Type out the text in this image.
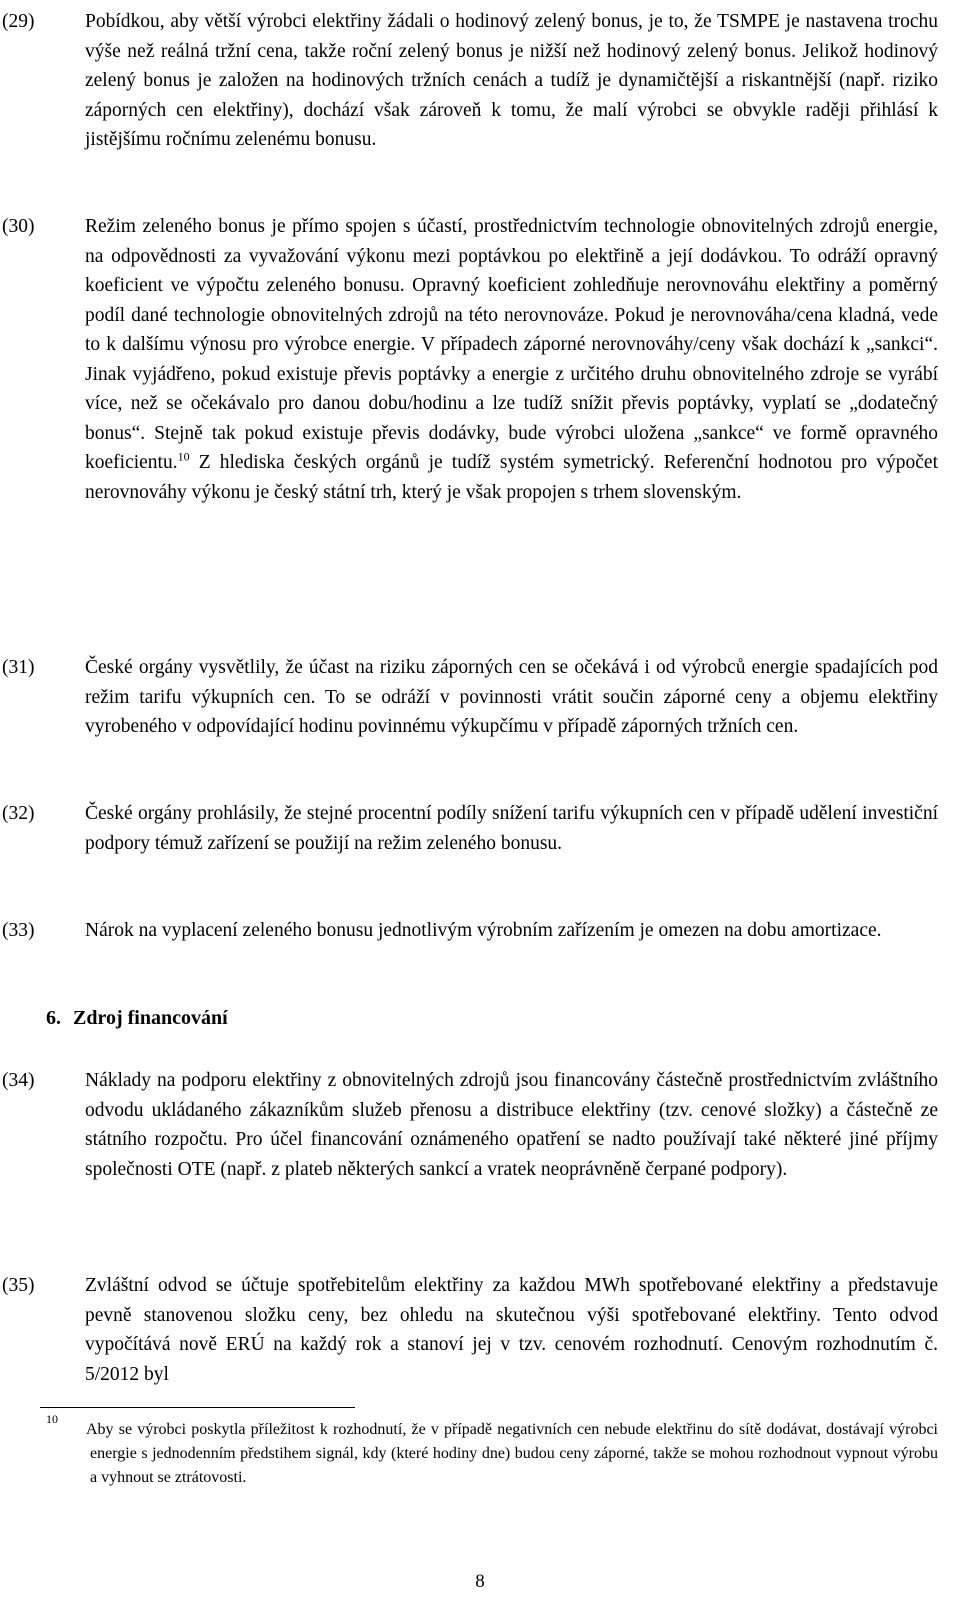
(29)	Pobídkou, aby větší výrobci elektřiny žádali o hodinový zelený bonus, je to, že TSMPE je nastavena trochu výše než reálná tržní cena, takže roční zelený bonus je nižší než hodinový zelený bonus. Jelikož hodinový zelený bonus je založen na hodinových tržních cenách a tudíž je dynamičtější a riskantnější (např. riziko záporných cen elektřiny), dochází však zároveň k tomu, že malí výrobci se obvykle raději přihlásí k jistějšímu ročnímu zelenému bonusu.

(30)	Režim zeleného bonus je přímo spojen s účastí, prostřednictvím technologie obnovitelných zdrojů energie, na odpovědnosti za vyvažování výkonu mezi poptávkou po elektřině a její dodávkou. To odráží opravný koeficient ve výpočtu zeleného bonusu. Opravný koeficient zohledňuje nerovnováhu elektřiny a poměrný podíl dané technologie obnovitelných zdrojů na této nerovnováze. Pokud je nerovnováha/cena kladná, vede to k dalšímu výnosu pro výrobce energie. V případech záporné nerovnováhy/ceny však dochází k „sankci“. Jinak vyjádřeno, pokud existuje převis poptávky a energie z určitého druhu obnovitelného zdroje se vyrábí více, než se očekávalo pro danou dobu/hodinu a lze tudíž snížit převis poptávky, vyplatí se „dodatečný bonus“. Stejně tak pokud existuje převis dodávky, bude výrobci uložena „sankce“ ve formě opravného koeficientu.$^{10}$ Z hlediska českých orgánů je tudíž systém symetrický. Referenční hodnotou pro výpočet nerovnováhy výkonu je český státní trh, který je však propojen s trhem slovenským.

(31)	České orgány vysvětlily, že účast na riziku záporných cen se očekává i od výrobců energie spadajících pod režim tarifu výkupních cen. To se odráží v povinnosti vrátit součin záporné ceny a objemu elektřiny vyrobeného v odpovídající hodinu povinnému výkupčímu v případě záporných tržních cen.

(32)	České orgány prohlásily, že stejné procentní podíly snížení tarifu výkupních cen v případě udělení investiční podpory témuž zařízení se použijí na režim zeleného bonusu.

(33)	Nárok na vyplacení zeleného bonusu jednotlivým výrobním zařízením je omezen na dobu amortizace.

6. Zdroj financování
(34)	Náklady na podporu elektřiny z obnovitelných zdrojů jsou financovány částečně prostřednictvím zvláštního odvodu ukládaného zákazníkům služeb přenosu a distribuce elektřiny (tzv. cenové složky) a částečně ze státního rozpočtu. Pro účel financování oznámeného opatření se nadto používají také některé jiné příjmy společnosti OTE (např. z plateb některých sankcí a vratek neoprávněně čerpané podpory).

(35)	Zvláštní odvod se účtuje spotřebitelům elektřiny za každou MWh spotřebované elektřiny a představuje pevně stanovenou složku ceny, bez ohledu na skutečnou výši spotřebované elektřiny. Tento odvod vypočítává nově ERÚ na každý rok a stanoví jej v tzv. cenovém rozhodnutí. Cenovým rozhodnutím č. 5/2012 byl

10

Aby se výrobci poskytla příležitost k rozhodnutí, že v případě negativních cen nebude elektřinu do sítě dodávat, dostávají výrobci energie s jednodenním předstihem signál, kdy (které hodiny dne) budou ceny záporné, takže se mohou rozhodnout vypnout výrobu a vyhnout se ztrátovosti.

8
